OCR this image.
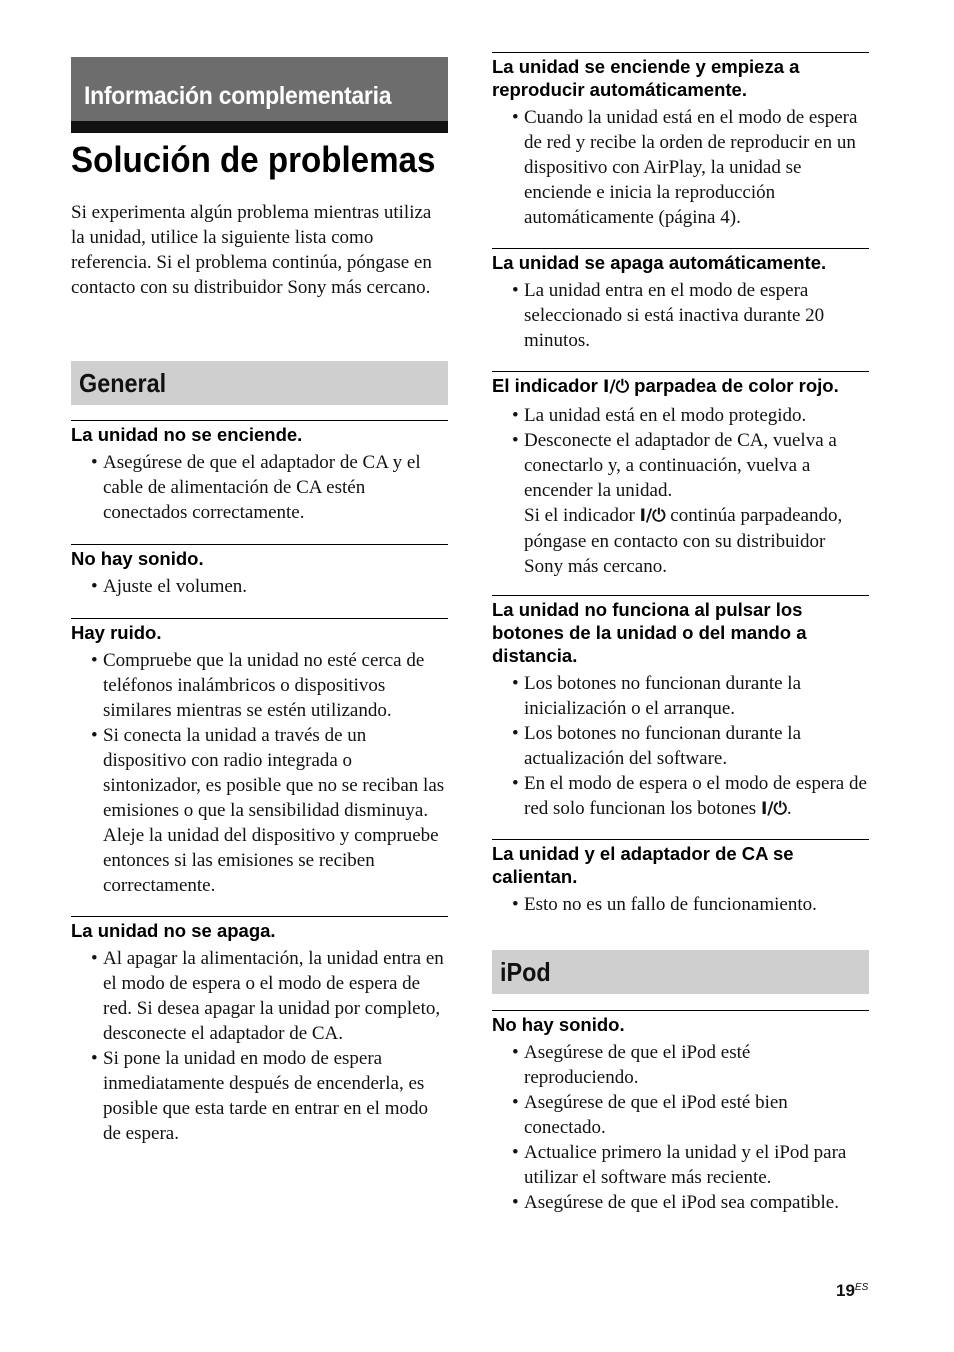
Información complementaria
Solución de problemas

Si experimenta algún problema mientras utiliza la unidad, utilice la siguiente lista como referencia. Si el problema continúa, póngase en contacto con su distribuidor Sony más cercano.

General
La unidad no se enciende.
• Asegúrese de que el adaptador de CA y el cable de alimentación de CA estén conectados correctamente.
No hay sonido.
• Ajuste el volumen.
Hay ruido.
• Compruebe que la unidad no esté cerca de teléfonos inalámbricos o dispositivos similares mientras se estén utilizando.
• Si conecta la unidad a través de un dispositivo con radio integrada o sintonizador, es posible que no se reciban las emisiones o que la sensibilidad disminuya. Aleje la unidad del dispositivo y compruebe entonces si las emisiones se reciben correctamente.
La unidad no se apaga.
• Al apagar la alimentación, la unidad entra en el modo de espera o el modo de espera de red. Si desea apagar la unidad por completo, desconecte el adaptador de CA.
• Si pone la unidad en modo de espera inmediatamente después de encenderla, es posible que esta tarde en entrar en el modo de espera.
La unidad se enciende y empieza a reproducir automáticamente.
• Cuando la unidad está en el modo de espera de red y recibe la orden de reproducir en un dispositivo con AirPlay, la unidad se enciende e inicia la reproducción automáticamente (página 4).
La unidad se apaga automáticamente.
• La unidad entra en el modo de espera seleccionado si está inactiva durante 20 minutos.
El indicador I/⏻ parpadea de color rojo.
• La unidad está en el modo protegido.
• Desconecte el adaptador de CA, vuelva a conectarlo y, a continuación, vuelva a encender la unidad.
Si el indicador I/⏻ continúa parpadeando, póngase en contacto con su distribuidor Sony más cercano.
La unidad no funciona al pulsar los botones de la unidad o del mando a distancia.
• Los botones no funcionan durante la inicialización o el arranque.
• Los botones no funcionan durante la actualización del software.
• En el modo de espera o el modo de espera de red solo funcionan los botones I/⏻.
La unidad y el adaptador de CA se calientan.
• Esto no es un fallo de funcionamiento.
iPod
No hay sonido.
• Asegúrese de que el iPod esté reproduciendo.
• Asegúrese de que el iPod esté bien conectado.
• Actualice primero la unidad y el iPod para utilizar el software más reciente.
• Asegúrese de que el iPod sea compatible.
$19^{ES}$
